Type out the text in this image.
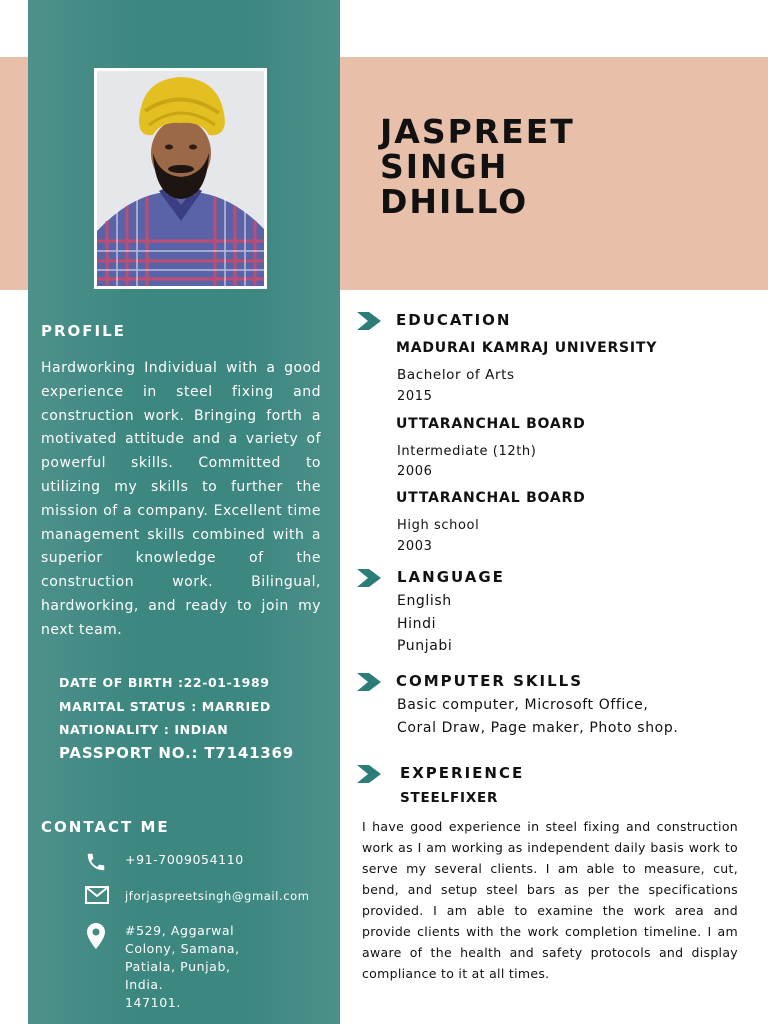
PROFILE
Hardworking Individual with a good experience in steel fixing and construction work. Bringing forth a motivated attitude and a variety of powerful skills. Committed to utilizing my skills to further the mission of a company. Excellent time management skills combined with a superior knowledge of the construction work. Bilingual, hardworking, and ready to join my next team.
DATE OF BIRTH :22-01-1989
MARITAL STATUS : MARRIED
NATIONALITY : INDIAN
PASSPORT NO.: T7141369
CONTACT ME
+91-7009054110
jforjaspreetsingh@gmail.com
#529, Aggarwal
Colony, Samana,
Patiala, Punjab,
India.
147101.
JASPREET
SINGH
DHILLO
EDUCATION
MADURAI KAMRAJ UNIVERSITY
Bachelor of Arts
2015
UTTARANCHAL BOARD
Intermediate (12th)
2006
UTTARANCHAL BOARD
High school
2003
LANGUAGE
English
Hindi
Punjabi
COMPUTER SKILLS
Basic computer, Microsoft Office,
Coral Draw, Page maker, Photo shop.
EXPERIENCE
STEELFIXER
I have good experience in steel fixing and construction work as I am working as independent daily basis work to serve my several clients. I am able to measure, cut, bend, and setup steel bars as per the specifications provided. I am able to examine the work area and provide clients with the work completion timeline. I am aware of the health and safety protocols and display compliance to it at all times.
